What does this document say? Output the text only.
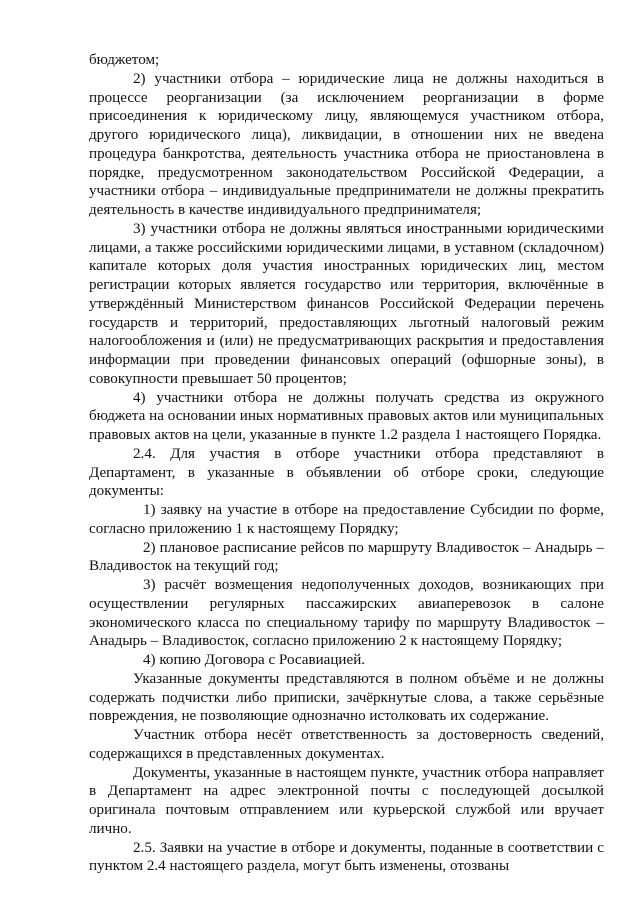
бюджетом;

2) участники отбора – юридические лица не должны находиться в процессе реорганизации (за исключением реорганизации в форме присоединения к юридическому лицу, являющемуся участником отбора, другого юридического лица), ликвидации, в отношении них не введена процедура банкротства, деятельность участника отбора не приостановлена в порядке, предусмотренном законодательством Российской Федерации, а участники отбора – индивидуальные предприниматели не должны прекратить деятельность в качестве индивидуального предпринимателя;

3) участники отбора не должны являться иностранными юридическими лицами, а также российскими юридическими лицами, в уставном (складочном) капитале которых доля участия иностранных юридических лиц, местом регистрации которых является государство или территория, включённые в утверждённый Министерством финансов Российской Федерации перечень государств и территорий, предоставляющих льготный налоговый режим налогообложения и (или) не предусматривающих раскрытия и предоставления информации при проведении финансовых операций (офшорные зоны), в совокупности превышает 50 процентов;

4) участники отбора не должны получать средства из окружного бюджета на основании иных нормативных правовых актов или муниципальных правовых актов на цели, указанные в пункте 1.2 раздела 1 настоящего Порядка.

2.4. Для участия в отборе участники отбора представляют в Департамент, в указанные в объявлении об отборе сроки, следующие документы:

1) заявку на участие в отборе на предоставление Субсидии по форме, согласно приложению 1 к настоящему Порядку;

2) плановое расписание рейсов по маршруту Владивосток – Анадырь – Владивосток на текущий год;

3) расчёт возмещения недополученных доходов, возникающих при осуществлении регулярных пассажирских авиаперевозок в салоне экономического класса по специальному тарифу по маршруту Владивосток – Анадырь – Владивосток, согласно приложению 2 к настоящему Порядку;

4) копию Договора с Росавиацией.

Указанные документы представляются в полном объёме и не должны содержать подчистки либо приписки, зачёркнутые слова, а также серьёзные повреждения, не позволяющие однозначно истолковать их содержание.

Участник отбора несёт ответственность за достоверность сведений, содержащихся в представленных документах.

Документы, указанные в настоящем пункте, участник отбора направляет в Департамент на адрес электронной почты с последующей досылкой оригинала почтовым отправлением или курьерской службой или вручает лично.

2.5. Заявки на участие в отборе и документы, поданные в соответствии с пунктом 2.4 настоящего раздела, могут быть изменены, отозваны
